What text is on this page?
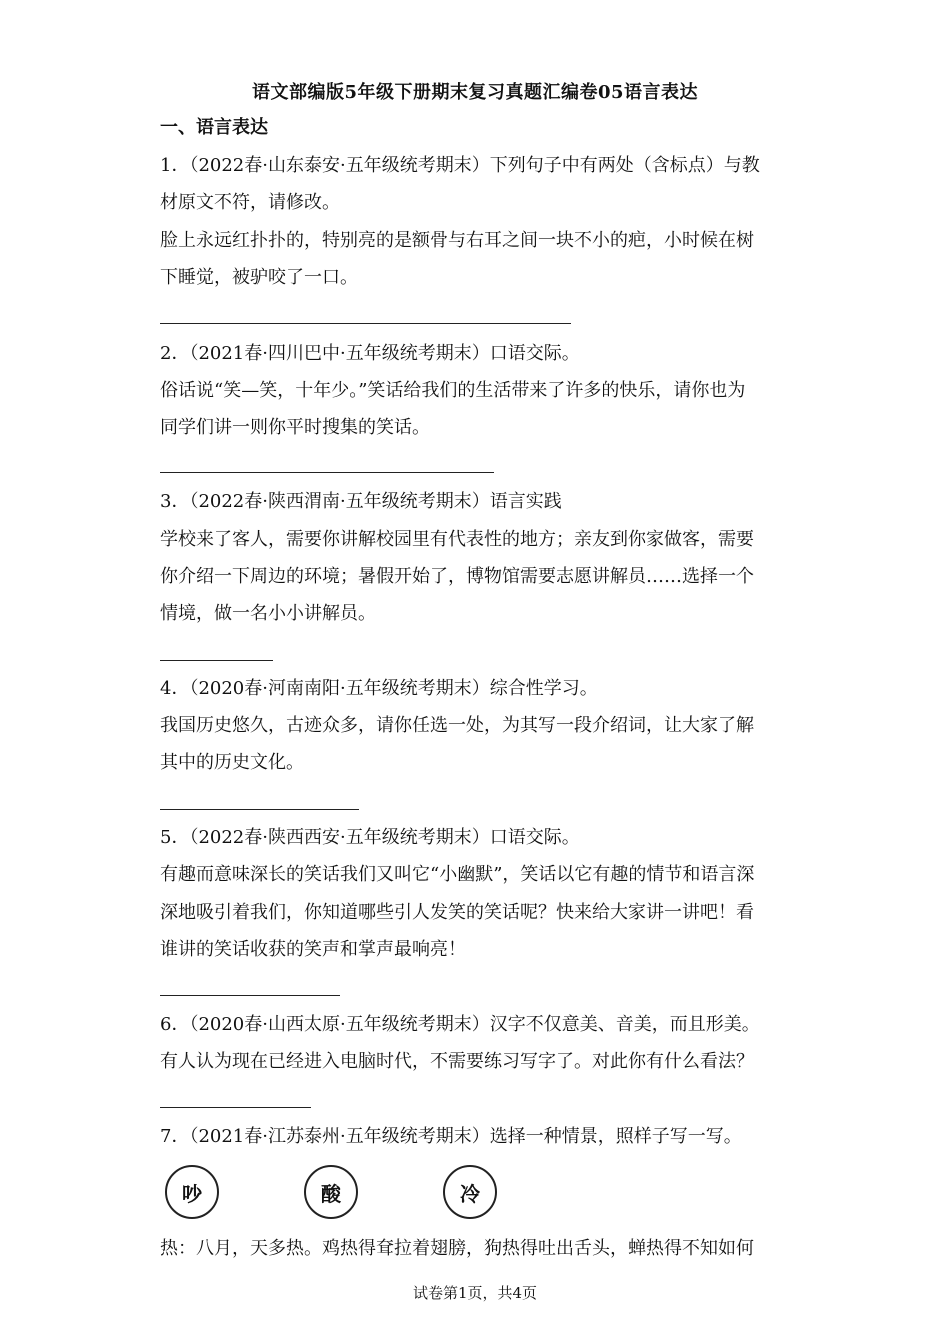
语文部编版5年级下册期末复习真题汇编卷05语言表达
一、语言表达
1．（2022春·山东泰安·五年级统考期末）下列句子中有两处（含标点）与教
材原文不符，请修改。
脸上永远红扑扑的，特别亮的是额骨与右耳之间一块不小的疤，小时候在树
下睡觉，被驴咬了一口。
2．（2021春·四川巴中·五年级统考期末）口语交际。
俗话说“笑—笑，十年少。”笑话给我们的生活带来了许多的快乐，请你也为
同学们讲一则你平时搜集的笑话。
3．（2022春·陕西渭南·五年级统考期末）语言实践
学校来了客人，需要你讲解校园里有代表性的地方；亲友到你家做客，需要
你介绍一下周边的环境；暑假开始了，博物馆需要志愿讲解员……选择一个
情境，做一名小小讲解员。
4．（2020春·河南南阳·五年级统考期末）综合性学习。
我国历史悠久，古迹众多，请你任选一处，为其写一段介绍词，让大家了解
其中的历史文化。
5．（2022春·陕西西安·五年级统考期末）口语交际。
有趣而意味深长的笑话我们又叫它“小幽默”，笑话以它有趣的情节和语言深
深地吸引着我们，你知道哪些引人发笑的笑话呢？快来给大家讲一讲吧！看
谁讲的笑话收获的笑声和掌声最响亮！
6．（2020春·山西太原·五年级统考期末）汉字不仅意美、音美，而且形美。
有人认为现在已经进入电脑时代，不需要练习写字了。对此你有什么看法？
7．（2021春·江苏泰州·五年级统考期末）选择一种情景，照样子写一写。
吵	酸	冷
热：八月，天多热。鸡热得耷拉着翅膀，狗热得吐出舌头，蝉热得不知如何
试卷第1页，共4页
